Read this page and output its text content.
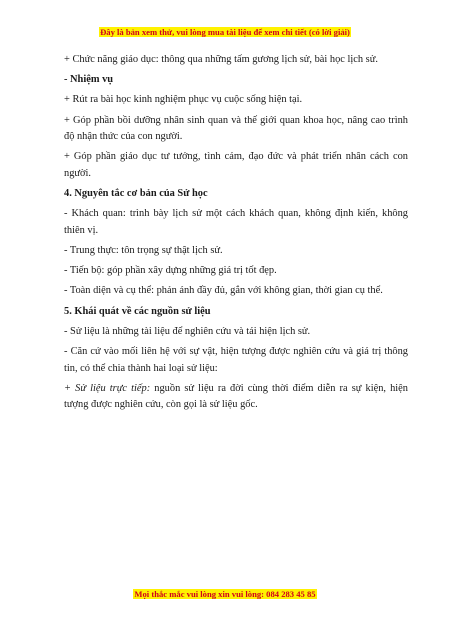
Đây là bản xem thử, vui lòng mua tài liệu để xem chi tiết (có lời giải)

+ Chức năng giáo dục: thông qua những tấm gương lịch sử, bài học lịch sử.

- Nhiệm vụ

+ Rút ra bài học kinh nghiệm phục vụ cuộc sống hiện tại.

+ Góp phần bồi dưỡng nhân sinh quan và thế giới quan khoa học, nâng cao trình độ nhận thức của con người.

+ Góp phần giáo dục tư tưởng, tình cảm, đạo đức và phát triển nhân cách con người.

4. Nguyên tắc cơ bản của Sử học

- Khách quan: trình bày lịch sử một cách khách quan, không định kiến, không thiên vị.

- Trung thực: tôn trọng sự thật lịch sử.

- Tiến bộ: góp phần xây dựng những giá trị tốt đẹp.

- Toàn diện và cụ thể: phản ánh đầy đủ, gắn với không gian, thời gian cụ thể.

5. Khái quát về các nguồn sử liệu

- Sử liệu là những tài liệu để nghiên cứu và tái hiện lịch sử.

- Căn cứ vào mối liên hệ với sự vật, hiện tượng được nghiên cứu và giá trị thông tin, có thể chia thành hai loại sử liệu:

+ Sử liệu trực tiếp: nguồn sử liệu ra đời cùng thời điểm diễn ra sự kiện, hiện tượng được nghiên cứu, còn gọi là sử liệu gốc.

Mọi thắc mắc vui lòng xin vui lòng: 084 283 45 85
